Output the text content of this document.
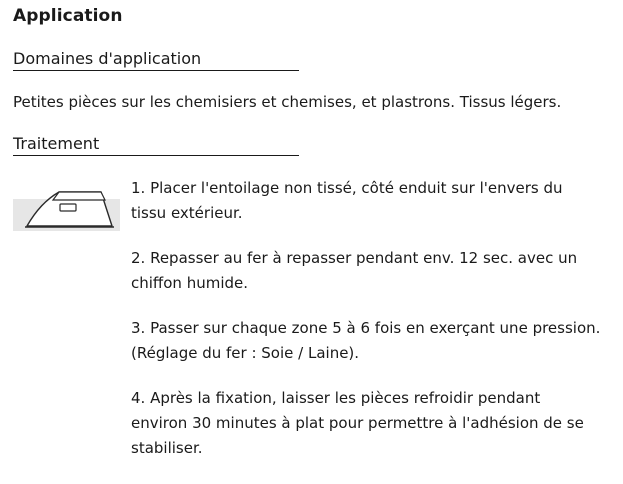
Application
Domaines d'application
Petites pièces sur les chemisiers et chemises, et plastrons. Tissus légers.
Traitement

1. Placer l'entoilage non tissé, côté enduit sur l'envers du tissu extérieur.

2. Repasser au fer à repasser pendant env. 12 sec. avec un chiffon humide.

3. Passer sur chaque zone 5 à 6 fois en exerçant une pression. (Réglage du fer : Soie / Laine).

4. Après la fixation, laisser les pièces refroidir pendant environ 30 minutes à plat pour permettre à l'adhésion de se stabiliser.
